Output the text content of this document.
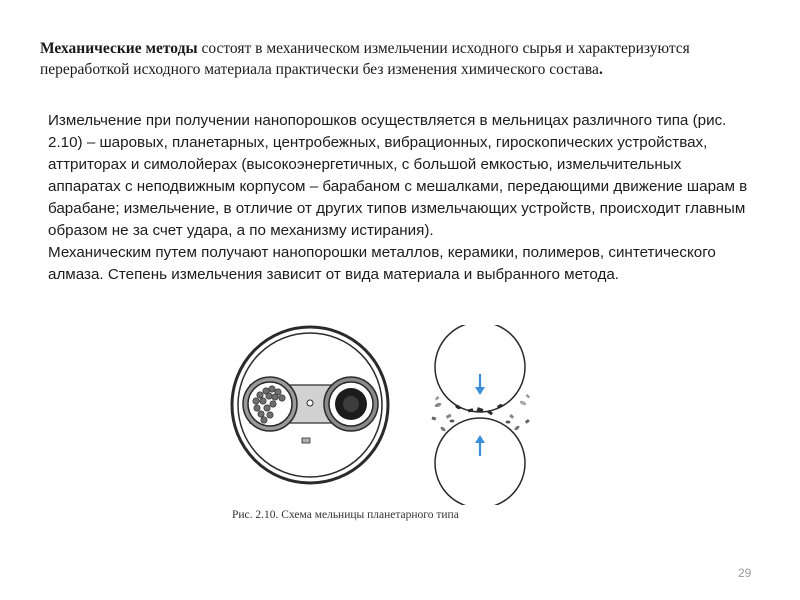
Механические методы состоят в механическом измельчении исходного сырья и характеризуются переработкой исходного материала практически без изменения химического состава.

Измельчение при получении нанопорошков осуществляется в мельницах различного типа (рис. 2.10) – шаровых, планетарных, центробежных, вибрационных, гироскопических устройствах, аттриторах и симолойерах (высокоэнергетичных, с большой емкостью, измельчительных аппаратах с неподвижным корпусом – барабаном с мешалками, передающими движение шарам в барабане; измельчение, в отличие от других типов измельчающих устройств, происходит главным образом не за счет удара, а по механизму истирания).

Механическим путем получают нанопорошки металлов, керамики, полимеров, синтетического алмаза. Степень измельчения зависит от вида материала и выбранного метода.

Рис. 2.10. Схема мельницы планетарного типа
29
